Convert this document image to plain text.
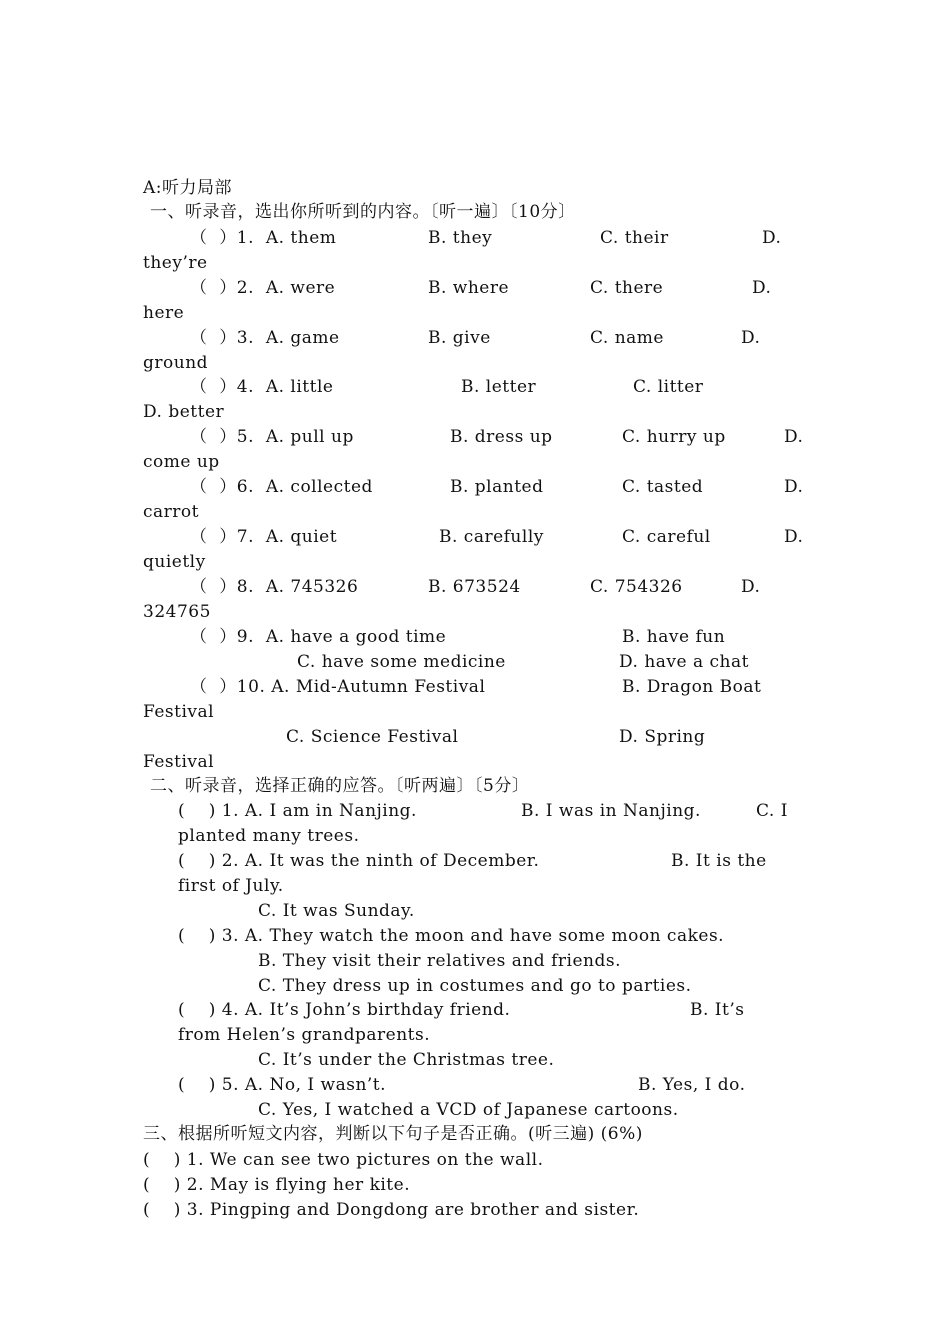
A:听力局部
一、听录音，选出你所听到的内容。〔听一遍〕〔10分〕
（  ）1.  A. them	B. they	C. their	D.
they’re
（  ）2.  A. were	B. where	C. there	D.
here
（  ）3.  A. game	B. give	C. name	D.
ground
（  ）4.  A. little	B. letter	C. litter
D. better
（  ）5.  A. pull up	B. dress up	C. hurry up	D.
come up
（  ）6.  A. collected	B. planted	C. tasted	D.
carrot
（  ）7.  A. quiet	B. carefully	C. careful	D.
quietly
（  ）8.  A. 745326	B. 673524	C. 754326	D.
324765
（  ）9.  A. have a good time	B. have fun
C. have some medicine	D. have a chat
（  ）10. A. Mid-Autumn Festival	B. Dragon Boat
Festival
C. Science Festival	D. Spring
Festival
二、听录音，选择正确的应答。〔听两遍〕〔5分〕
(    ) 1. A. I am in Nanjing.	B. I was in Nanjing.	C. I
planted many trees.
(    ) 2. A. It was the ninth of December.	B. It is the
first of July.
C. It was Sunday.
(    ) 3. A. They watch the moon and have some moon cakes.
B. They visit their relatives and friends.
C. They dress up in costumes and go to parties.
(    ) 4. A. It’s John’s birthday friend.	B. It’s
from Helen’s grandparents.
C. It’s under the Christmas tree.
(    ) 5. A. No, I wasn’t.	B. Yes, I do.
C. Yes, I watched a VCD of Japanese cartoons.
三、根据所听短文内容，判断以下句子是否正确。(听三遍) (6%)
(    ) 1. We can see two pictures on the wall.
(    ) 2. May is flying her kite.
(    ) 3. Pingping and Dongdong are brother and sister.
